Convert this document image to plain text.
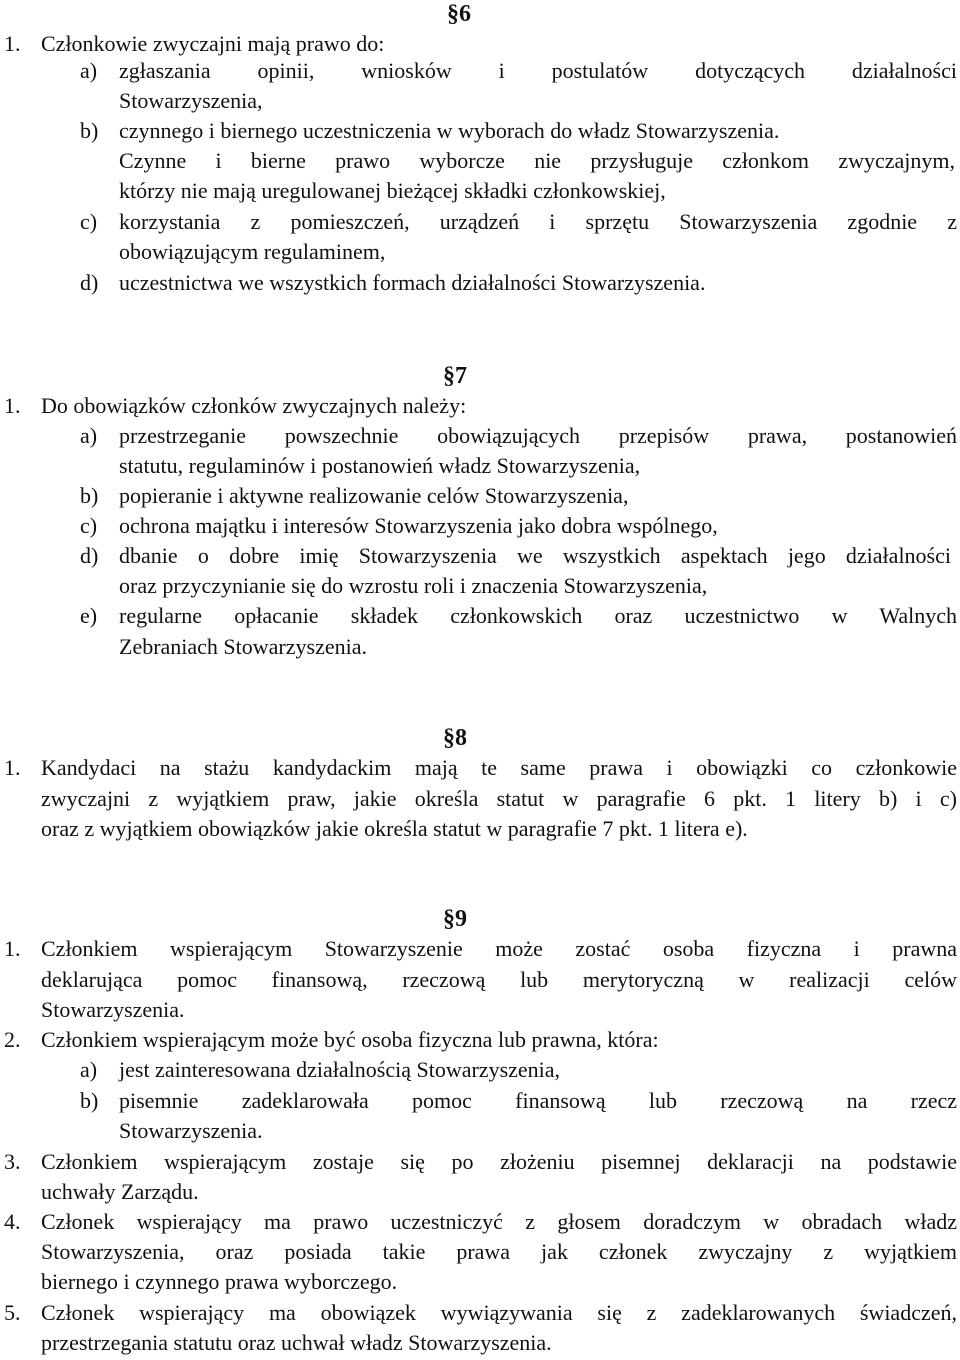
§6
1. Członkowie zwyczajni mają prawo do:
a) zgłaszania opinii, wniosków i postulatów dotyczących działalności
Stowarzyszenia,
b) czynnego i biernego uczestniczenia w wyborach do władz Stowarzyszenia.
Czynne i bierne prawo wyborcze nie przysługuje członkom zwyczajnym,
którzy nie mają uregulowanej bieżącej składki członkowskiej,
c) korzystania z pomieszczeń, urządzeń i sprzętu Stowarzyszenia zgodnie z
obowiązującym regulaminem,
d) uczestnictwa we wszystkich formach działalności Stowarzyszenia.
§7
1. Do obowiązków członków zwyczajnych należy:
a) przestrzeganie powszechnie obowiązujących przepisów prawa, postanowień
statutu, regulaminów i postanowień władz Stowarzyszenia,
b) popieranie i aktywne realizowanie celów Stowarzyszenia,
c) ochrona majątku i interesów Stowarzyszenia jako dobra wspólnego,
d) dbanie o dobre imię Stowarzyszenia we wszystkich aspektach jego działalności
oraz przyczynianie się do wzrostu roli i znaczenia Stowarzyszenia,
e) regularne opłacanie składek członkowskich oraz uczestnictwo w Walnych
Zebraniach Stowarzyszenia.
§8
1. Kandydaci na stażu kandydackim mają te same prawa i obowiązki co członkowie
zwyczajni z wyjątkiem praw, jakie określa statut w paragrafie 6 pkt. 1 litery b) i c)
oraz z wyjątkiem obowiązków jakie określa statut w paragrafie 7 pkt. 1 litera e).
§9
1. Członkiem wspierającym Stowarzyszenie może zostać osoba fizyczna i prawna
deklarująca pomoc finansową, rzeczową lub merytoryczną w realizacji celów
Stowarzyszenia.
2. Członkiem wspierającym może być osoba fizyczna lub prawna, która:
a) jest zainteresowana działalnością Stowarzyszenia,
b) pisemnie zadeklarowała pomoc finansową lub rzeczową na rzecz
Stowarzyszenia.
3. Członkiem wspierającym zostaje się po złożeniu pisemnej deklaracji na podstawie
uchwały Zarządu.
4. Członek wspierający ma prawo uczestniczyć z głosem doradczym w obradach władz
Stowarzyszenia, oraz posiada takie prawa jak członek zwyczajny z wyjątkiem
biernego i czynnego prawa wyborczego.
5. Członek wspierający ma obowiązek wywiązywania się z zadeklarowanych świadczeń,
przestrzegania statutu oraz uchwał władz Stowarzyszenia.
